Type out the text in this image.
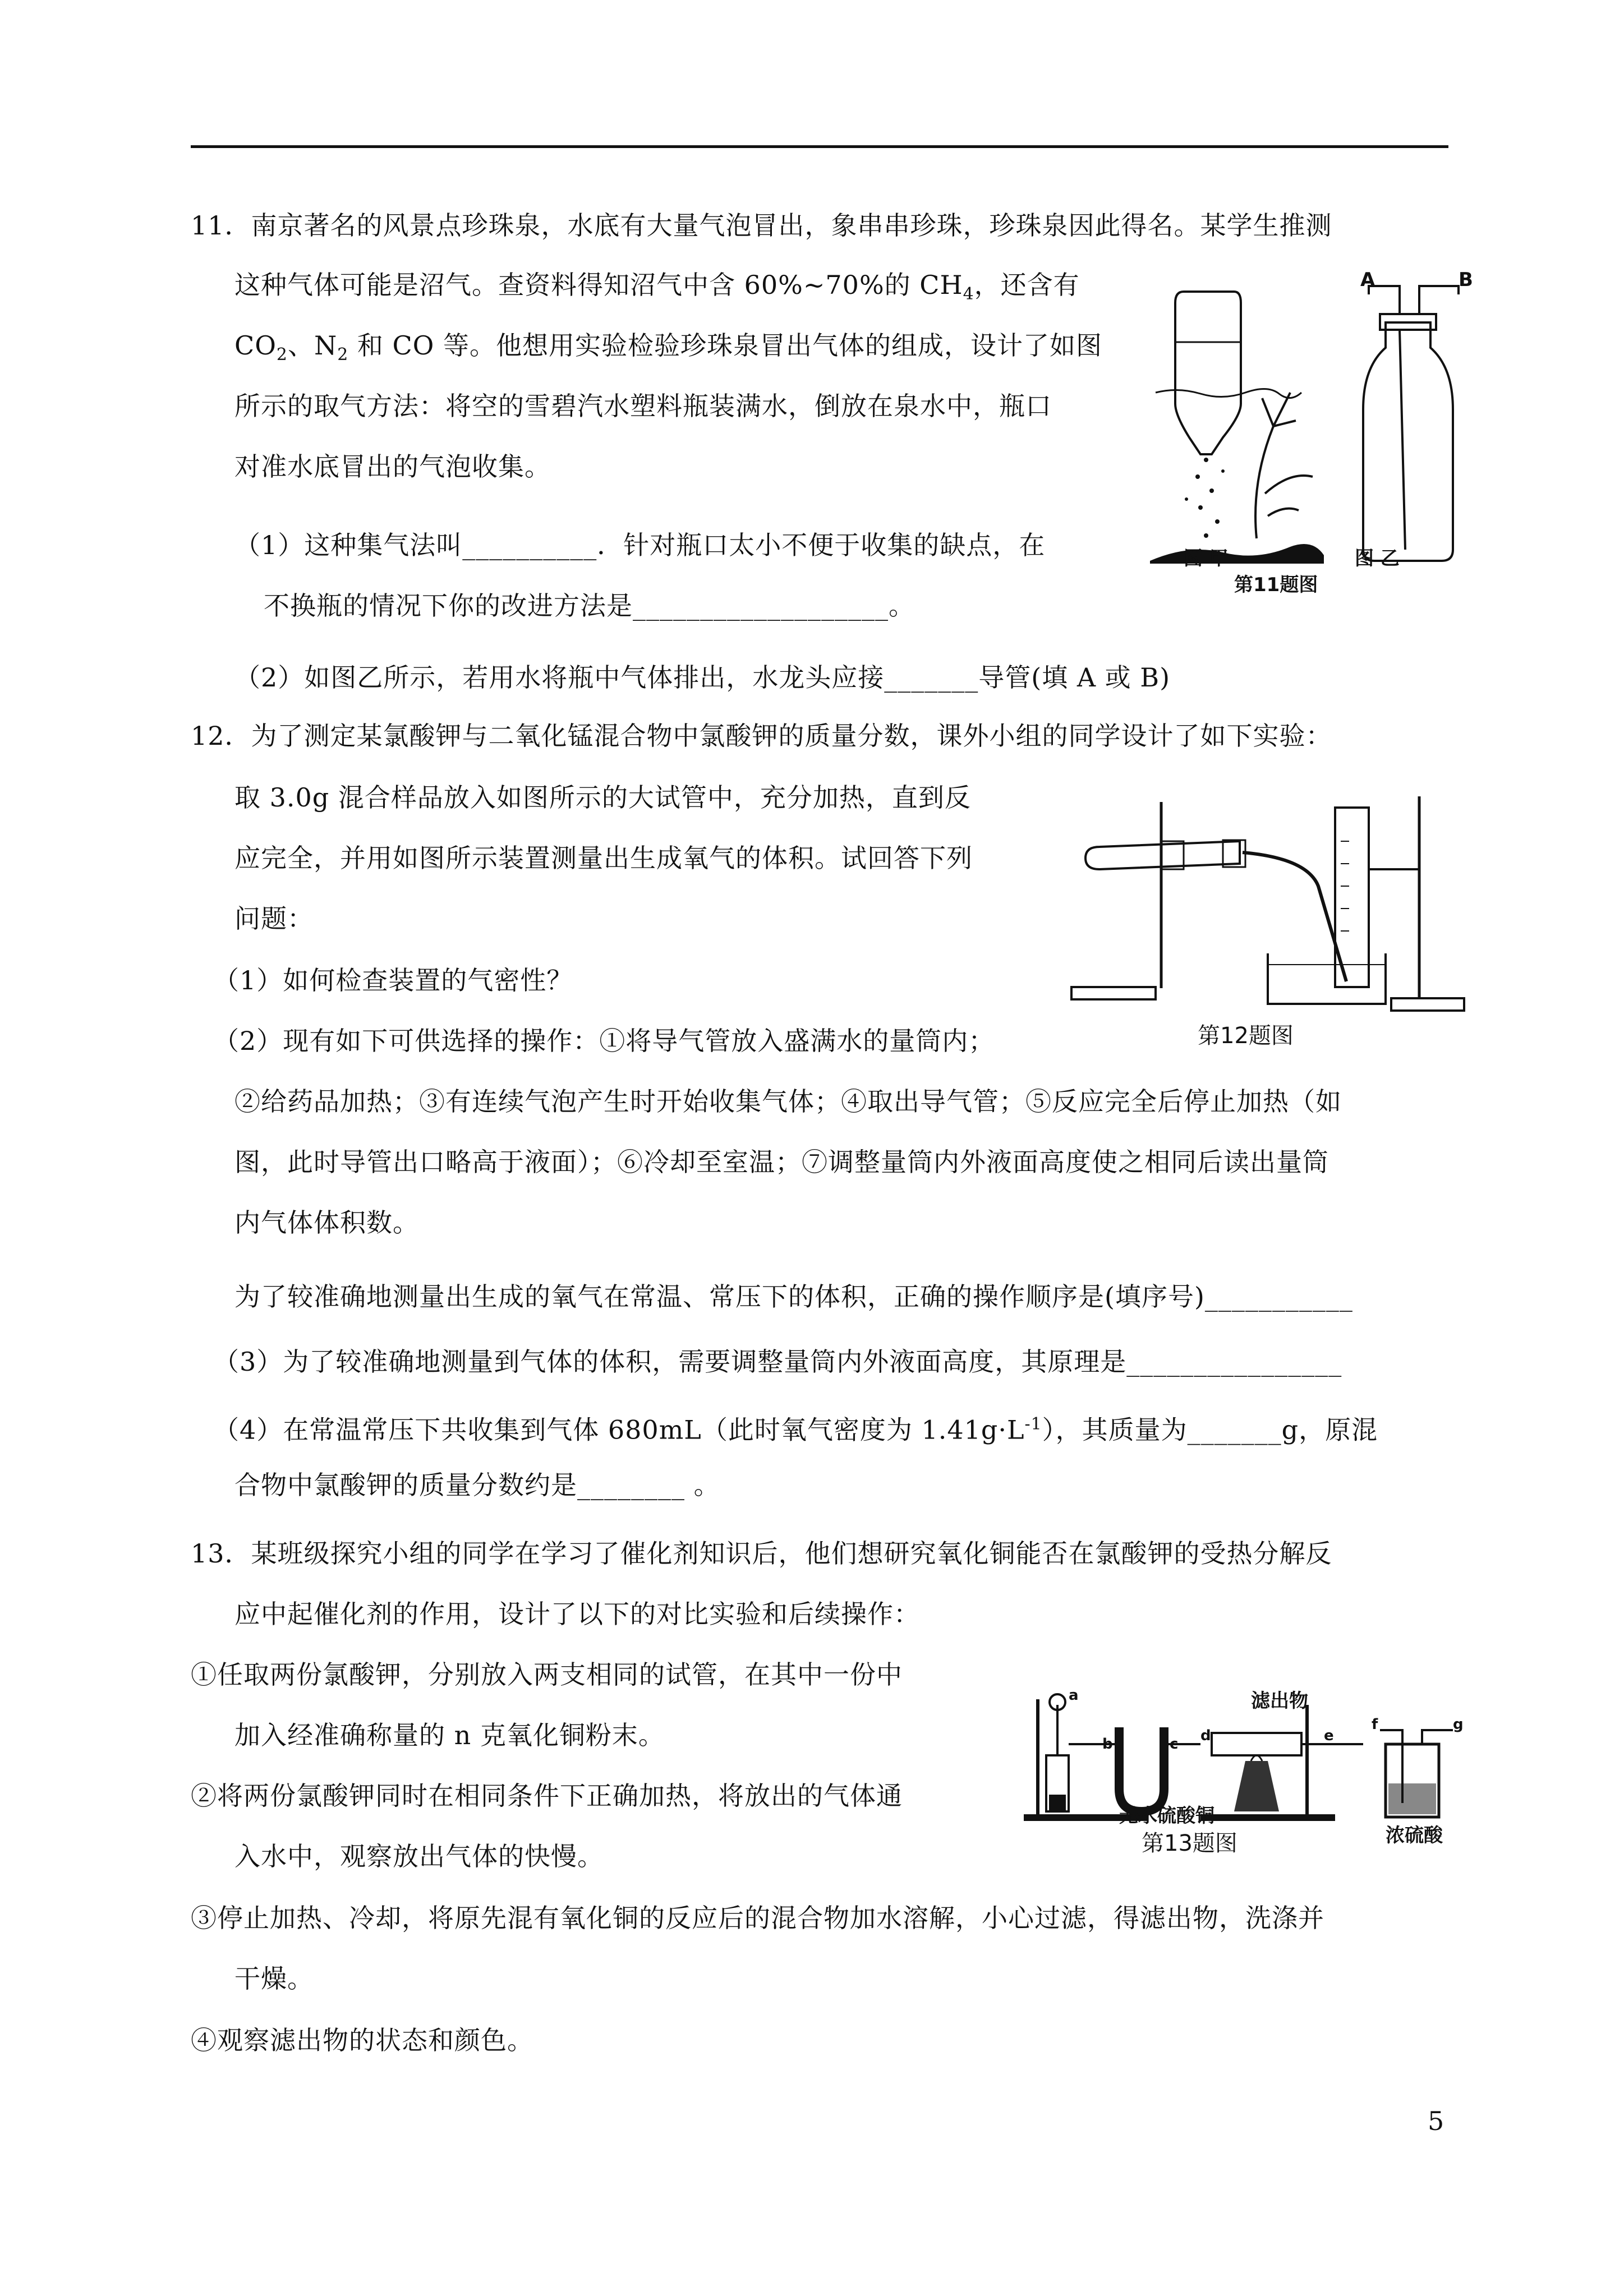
11．南京著名的风景点珍珠泉，水底有大量气泡冒出，象串串珍珠，珍珠泉因此得名。某学生推测
这种气体可能是沼气。查资料得知沼气中含 60%~70%的 $CH_4$，还含有
$CO_2$、$N_2$ 和 CO 等。他想用实验检验珍珠泉冒出气体的组成，设计了如图
所示的取气方法：将空的雪碧汽水塑料瓶装满水，倒放在泉水中，瓶口
对准水底冒出的气泡收集。
（1）这种集气法叫__________．针对瓶口太小不便于收集的缺点，在
不换瓶的情况下你的改进方法是___________________。
（2）如图乙所示，若用水将瓶中气体排出，水龙头应接_______导管(填 A 或 B)
A	B
图 甲	图 乙
第11题图
12．为了测定某氯酸钾与二氧化锰混合物中氯酸钾的质量分数，课外小组的同学设计了如下实验：
取 3.0g 混合样品放入如图所示的大试管中，充分加热，直到反
应完全，并用如图所示装置测量出生成氧气的体积。试回答下列
问题：
（1）如何检查装置的气密性？
（2）现有如下可供选择的操作：①将导气管放入盛满水的量筒内；
②给药品加热；③有连续气泡产生时开始收集气体；④取出导气管；⑤反应完全后停止加热（如
图，此时导管出口略高于液面）；⑥冷却至室温；⑦调整量筒内外液面高度使之相同后读出量筒
内气体体积数。
为了较准确地测量出生成的氧气在常温、常压下的体积，正确的操作顺序是(填序号)___________
（3）为了较准确地测量到气体的体积，需要调整量筒内外液面高度，其原理是________________
（4）在常温常压下共收集到气体 680mL（此时氧气密度为 $1.41g\cdot L^{-1}$），其质量为_______g，原混
合物中氯酸钾的质量分数约是________ 。
第12题图
13．某班级探究小组的同学在学习了催化剂知识后，他们想研究氧化铜能否在氯酸钾的受热分解反
应中起催化剂的作用，设计了以下的对比实验和后续操作：
①任取两份氯酸钾，分别放入两支相同的试管，在其中一份中
加入经准确称量的 n 克氧化铜粉末。
②将两份氯酸钾同时在相同条件下正确加热，将放出的气体通
入水中，观察放出气体的快慢。
③停止加热、冷却，将原先混有氧化铜的反应后的混合物加水溶解，小心过滤，得滤出物，洗涤并
干燥。
④观察滤出物的状态和颜色。
无水硫酸铜
滤出物
浓硫酸
第13题图
a
b	c d	e
f	g
5
